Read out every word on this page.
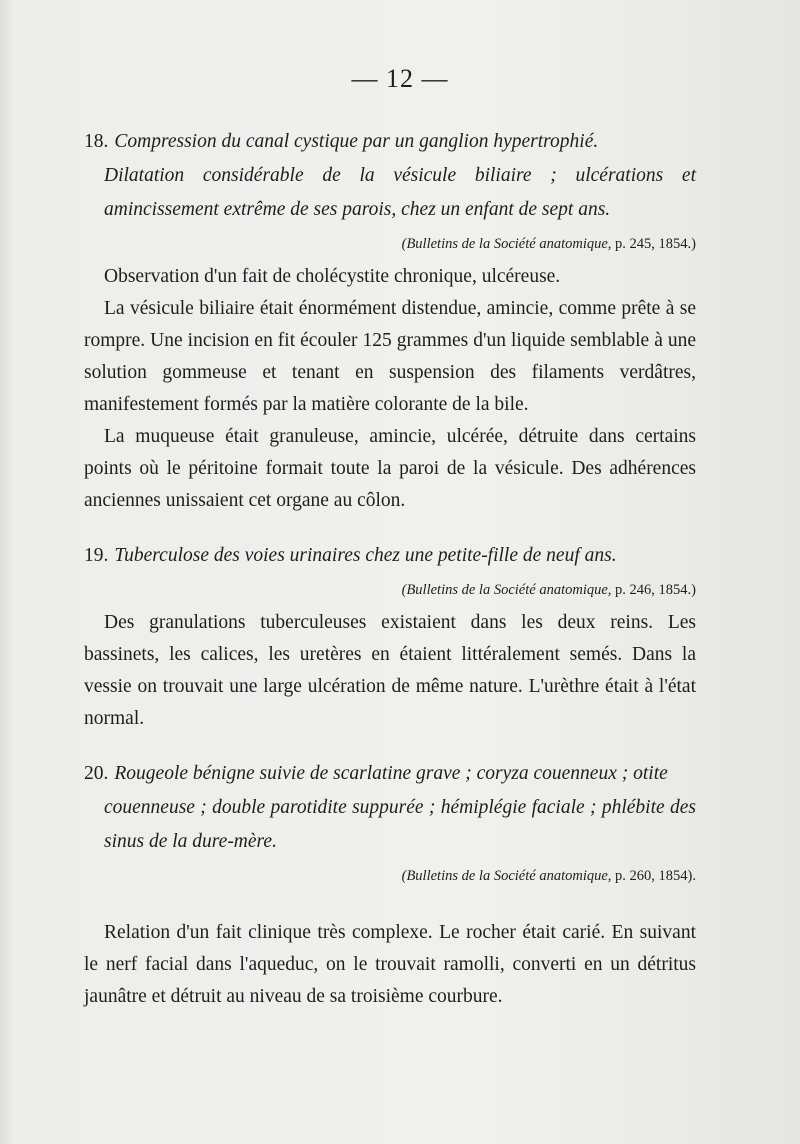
— 12 —

18. Compression du canal cystique par un ganglion hypertrophié.
Dilatation considérable de la vésicule biliaire ; ulcérations et amincissement extrême de ses parois, chez un enfant de sept ans.

(Bulletins de la Société anatomique, p. 245, 1854.)

Observation d'un fait de cholécystite chronique, ulcéreuse.

La vésicule biliaire était énormément distendue, amincie, comme prête à se rompre. Une incision en fit écouler 125 grammes d'un liquide semblable à une solution gommeuse et tenant en suspension des filaments verdâtres, manifestement formés par la matière colorante de la bile.

La muqueuse était granuleuse, amincie, ulcérée, détruite dans certains points où le péritoine formait toute la paroi de la vésicule. Des adhérences anciennes unissaient cet organe au côlon.

19. Tuberculose des voies urinaires chez une petite-fille de neuf ans.

(Bulletins de la Société anatomique, p. 246, 1854.)

Des granulations tuberculeuses existaient dans les deux reins. Les bassinets, les calices, les uretères en étaient littéralement semés. Dans la vessie on trouvait une large ulcération de même nature. L'urèthre était à l'état normal.

20. Rougeole bénigne suivie de scarlatine grave ; coryza couenneux ; otite
couenneuse ; double parotidite suppurée ; hémiplégie faciale ; phlébite des sinus de la dure-mère.

(Bulletins de la Société anatomique, p. 260, 1854).

Relation d'un fait clinique très complexe. Le rocher était carié. En suivant le nerf facial dans l'aqueduc, on le trouvait ramolli, converti en un détritus jaunâtre et détruit au niveau de sa troisième courbure.
